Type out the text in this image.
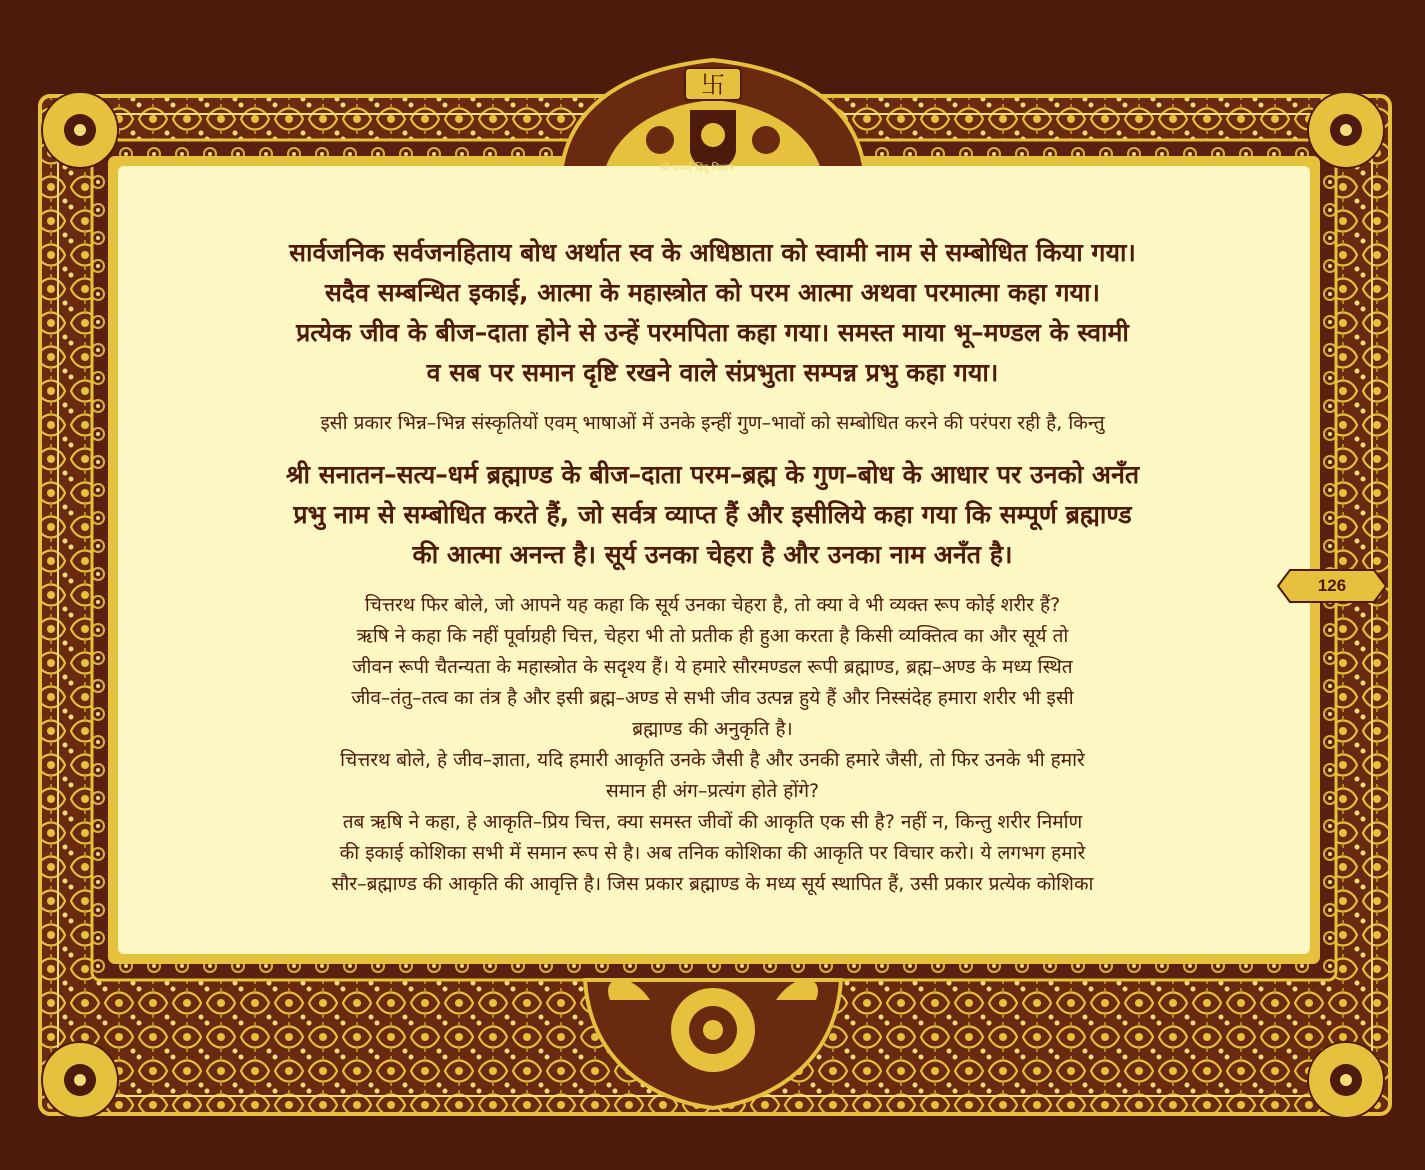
卐
श्री समर्थ हिंदू विधान
सार्वजनिक सर्वजनहिताय बोध अर्थात स्व के अधिष्ठाता को स्वामी नाम से सम्बोधित किया गया।
सदैव सम्बन्धित इकाई, आत्मा के महास्त्रोत को परम आत्मा अथवा परमात्मा कहा गया।
प्रत्येक जीव के बीज–दाता होने से उन्हें परमपिता कहा गया। समस्त माया भू–मण्डल के स्वामी
व सब पर समान दृष्टि रखने वाले संप्रभुता सम्पन्न प्रभु कहा गया।
इसी प्रकार भिन्न–भिन्न संस्कृतियों एवम् भाषाओं में उनके इन्हीं गुण–भावों को सम्बोधित करने की परंपरा रही है, किन्तु
श्री सनातन–सत्य–धर्म ब्रह्माण्ड के बीज–दाता परम–ब्रह्म के गुण–बोध के आधार पर उनको अनँत
प्रभु नाम से सम्बोधित करते हैं, जो सर्वत्र व्याप्त हैं और इसीलिये कहा गया कि सम्पूर्ण ब्रह्माण्ड
की आत्मा अनन्त है। सूर्य उनका चेहरा है और उनका नाम अनँत है।
चित्तरथ फिर बोले, जो आपने यह कहा कि सूर्य उनका चेहरा है, तो क्या वे भी व्यक्त रूप कोई शरीर हैं?
ऋषि ने कहा कि नहीं पूर्वाग्रही चित्त, चेहरा भी तो प्रतीक ही हुआ करता है किसी व्यक्तित्व का और सूर्य तो
जीवन रूपी चैतन्यता के महास्त्रोत के सदृश्य हैं। ये हमारे सौरमण्डल रूपी ब्रह्माण्ड, ब्रह्म–अण्ड के मध्य स्थित
जीव–तंतु–तत्व का तंत्र है और इसी ब्रह्म–अण्ड से सभी जीव उत्पन्न हुये हैं और निस्संदेह हमारा शरीर भी इसी
ब्रह्माण्ड की अनुकृति है।
चित्तरथ बोले, हे जीव–ज्ञाता, यदि हमारी आकृति उनके जैसी है और उनकी हमारे जैसी, तो फिर उनके भी हमारे
समान ही अंग–प्रत्यंग होते होंगे?
तब ऋषि ने कहा, हे आकृति–प्रिय चित्त, क्या समस्त जीवों की आकृति एक सी है? नहीं न, किन्तु शरीर निर्माण
की इकाई कोशिका सभी में समान रूप से है। अब तनिक कोशिका की आकृति पर विचार करो। ये लगभग हमारे
सौर–ब्रह्माण्ड की आकृति की आवृत्ति है। जिस प्रकार ब्रह्माण्ड के मध्य सूर्य स्थापित हैं, उसी प्रकार प्रत्येक कोशिका
126
